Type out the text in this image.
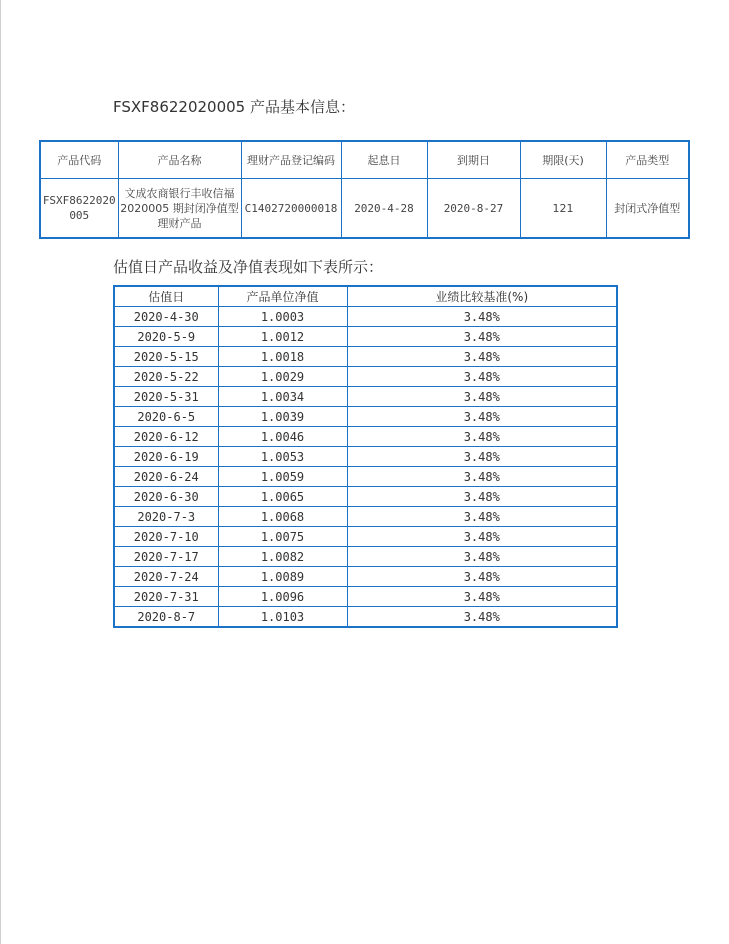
FSXF8622020005 产品基本信息：
产品代码	产品名称	理财产品登记编码	起息日	到期日	期限(天)	产品类型
FSXF8622020005	文成农商银行丰收信福 2020005 期封闭净值型理财产品	C1402720000018	2020-4-28	2020-8-27	121	封闭式净值型
估值日产品收益及净值表现如下表所示：
估值日	产品单位净值	业绩比较基准(%)
2020-4-30	1.0003	3.48%
2020-5-9	1.0012	3.48%
2020-5-15	1.0018	3.48%
2020-5-22	1.0029	3.48%
2020-5-31	1.0034	3.48%
2020-6-5	1.0039	3.48%
2020-6-12	1.0046	3.48%
2020-6-19	1.0053	3.48%
2020-6-24	1.0059	3.48%
2020-6-30	1.0065	3.48%
2020-7-3	1.0068	3.48%
2020-7-10	1.0075	3.48%
2020-7-17	1.0082	3.48%
2020-7-24	1.0089	3.48%
2020-7-31	1.0096	3.48%
2020-8-7	1.0103	3.48%
